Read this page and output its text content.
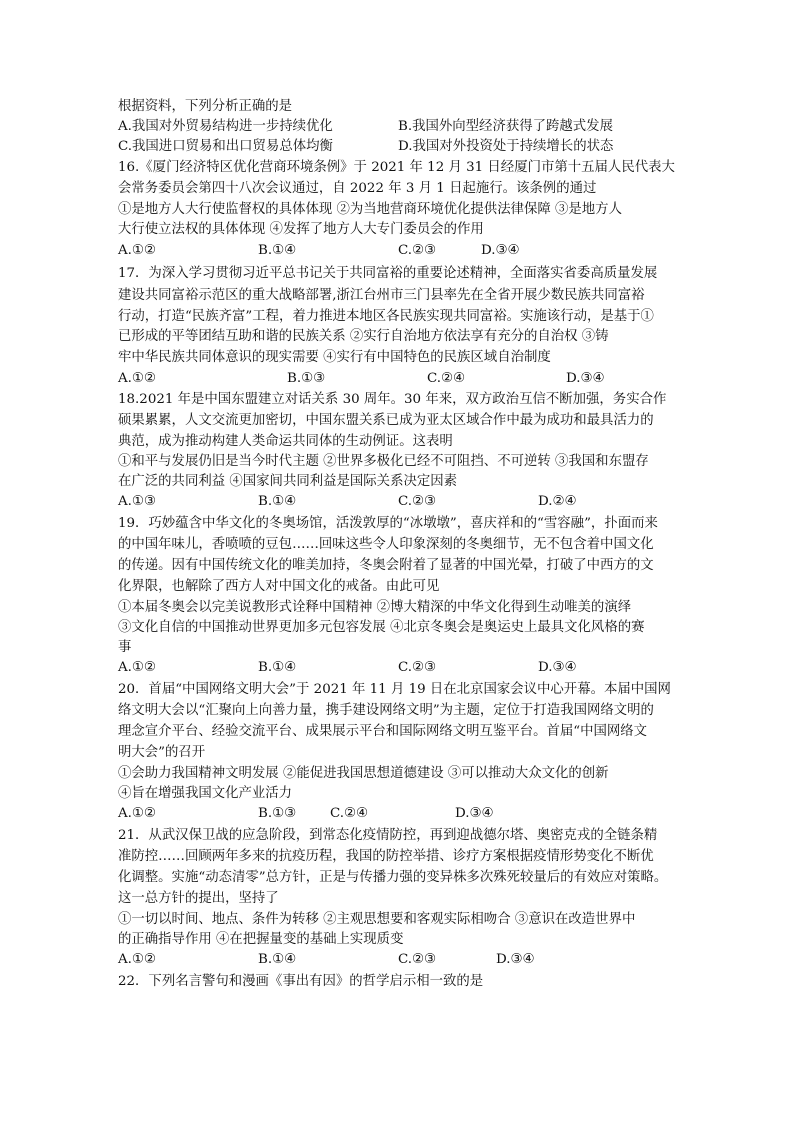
根据资料，下列分析正确的是
A.我国对外贸易结构进一步持续优化	B.我国外向型经济获得了跨越式发展
C.我国进口贸易和出口贸易总体均衡	D.我国对外投资处于持续增长的状态
16.《厦门经济特区优化营商环境条例》于 2021 年 12 月 31 日经厦门市第十五届人民代表大
会常务委员会第四十八次会议通过，自 2022 年 3 月 1 日起施行。该条例的通过
①是地方人大行使监督权的具体体现 ②为当地营商环境优化提供法律保障 ③是地方人
大行使立法权的具体体现 ④发挥了地方人大专门委员会的作用
A.①②	B.①④	C.②③	D.③④
17．为深入学习贯彻习近平总书记关于共同富裕的重要论述精神，全面落实省委高质量发展
建设共同富裕示范区的重大战略部署,浙江台州市三门县率先在全省开展少数民族共同富裕
行动，打造“民族齐富”工程，着力推进本地区各民族实现共同富裕。实施该行动，是基于①
已形成的平等团结互助和谐的民族关系 ②实行自治地方依法享有充分的自治权 ③铸
牢中华民族共同体意识的现实需要 ④实行有中国特色的民族区域自治制度
A.①②	B.①③	C.②④	D.③④
18.2021 年是中国东盟建立对话关系 30 周年。30 年来，双方政治互信不断加强，务实合作
硕果累累，人文交流更加密切，中国东盟关系已成为亚太区域合作中最为成功和最具活力的
典范，成为推动构建人类命运共同体的生动例证。这表明
①和平与发展仍旧是当今时代主题 ②世界多极化已经不可阻挡、不可逆转 ③我国和东盟存
在广泛的共同利益 ④国家间共同利益是国际关系决定因素
A.①③	B.①④	C.②③	D.②④
19．巧妙蕴含中华文化的冬奥场馆，活泼敦厚的“冰墩墩”，喜庆祥和的“雪容融”，扑面而来
的中国年味儿，香喷喷的豆包……回味这些令人印象深刻的冬奥细节，无不包含着中国文化
的传递。因有中国传统文化的唯美加持，冬奥会附着了显著的中国光晕，打破了中西方的文
化界限，也解除了西方人对中国文化的戒备。由此可见
①本届冬奥会以完美说教形式诠释中国精神 ②博大精深的中华文化得到生动唯美的演绎
③文化自信的中国推动世界更加多元包容发展 ④北京冬奥会是奥运史上最具文化风格的赛
事
A.①②	B.①④	C.②③	D.③④
20．首届“中国网络文明大会”于 2021 年 11 月 19 日在北京国家会议中心开幕。本届中国网
络文明大会以“汇聚向上向善力量，携手建设网络文明”为主题，定位于打造我国网络文明的
理念宣介平台、经验交流平台、成果展示平台和国际网络文明互鉴平台。首届“中国网络文
明大会”的召开
①会助力我国精神文明发展 ②能促进我国思想道德建设 ③可以推动大众文化的创新
④旨在增强我国文化产业活力
A.①②	B.①③	C.②④	D.③④
21．从武汉保卫战的应急阶段，到常态化疫情防控，再到迎战德尔塔、奥密克戎的全链条精
准防控……回顾两年多来的抗疫历程，我国的防控举措、诊疗方案根据疫情形势变化不断优
化调整。实施“动态清零”总方针，正是与传播力强的变异株多次殊死较量后的有效应对策略。
这一总方针的提出，坚持了
①一切以时间、地点、条件为转移 ②主观思想要和客观实际相吻合 ③意识在改造世界中
的正确指导作用 ④在把握量变的基础上实现质变
A.①②	B.①④	C.②③	D.③④
22．下列名言警句和漫画《事出有因》的哲学启示相一致的是
